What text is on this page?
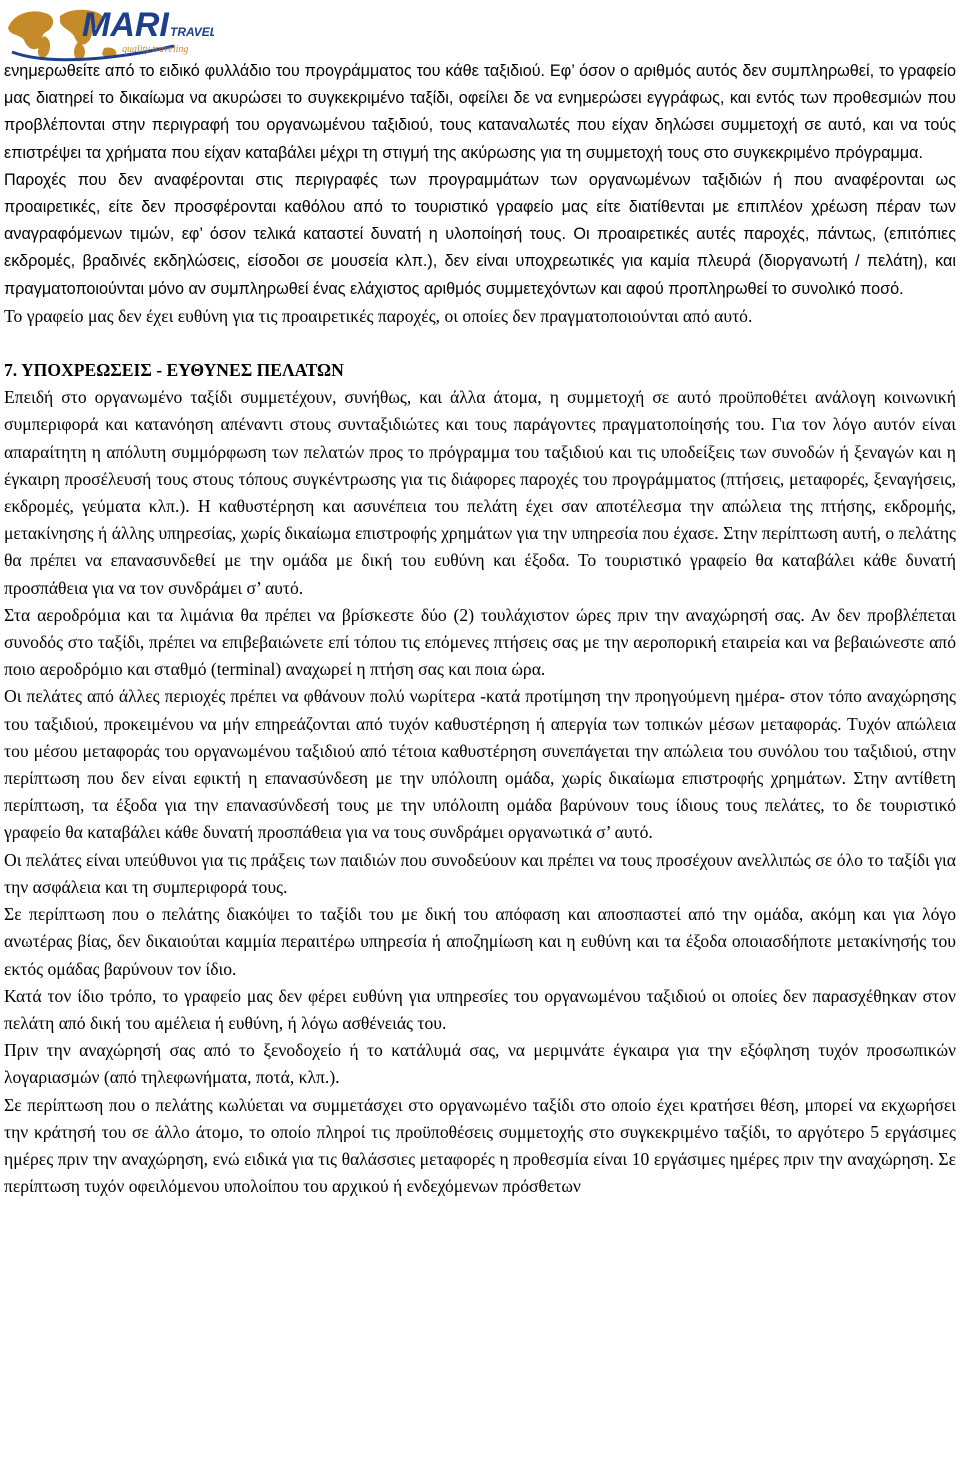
MARI TRAVEL
quality traveling

ενημερωθείτε από το ειδικό φυλλάδιο του προγράμματος του κάθε ταξιδιού. Εφ’ όσον ο αριθμός αυτός δεν συμπληρωθεί, το γραφείο μας διατηρεί το δικαίωμα να ακυρώσει το συγκεκριμένο ταξίδι, οφείλει δε να ενημερώσει εγγράφως, και εντός των προθεσμιών που προβλέπονται στην περιγραφή του οργανωμένου ταξιδιού, τους καταναλωτές που είχαν δηλώσει συμμετοχή σε αυτό, και να τούς επιστρέψει τα χρήματα που είχαν καταβάλει μέχρι τη στιγμή της ακύρωσης για τη συμμετοχή τους στο συγκεκριμένο πρόγραμμα.

Παροχές που δεν αναφέρονται στις περιγραφές των προγραμμάτων των οργανωμένων ταξιδιών ή που αναφέρονται ως προαιρετικές, είτε δεν προσφέρονται καθόλου από το τουριστικό γραφείο μας είτε διατίθενται με επιπλέον χρέωση πέραν των αναγραφόμενων τιμών, εφ’ όσον τελικά καταστεί δυνατή η υλοποίησή τους. Οι προαιρετικές αυτές παροχές, πάντως, (επιτόπιες εκδρομές, βραδινές εκδηλώσεις, είσοδοι σε μουσεία κλπ.), δεν είναι υποχρεωτικές για καμία πλευρά (διοργανωτή / πελάτη), και πραγματοποιούνται μόνο αν συμπληρωθεί ένας ελάχιστος αριθμός συμμετεχόντων και αφού προπληρωθεί το συνολικό ποσό.

Το γραφείο μας δεν έχει ευθύνη για τις προαιρετικές παροχές, οι οποίες δεν πραγματοποιούνται από αυτό.

7. ΥΠΟΧΡΕΩΣΕΙΣ - ΕΥΘΥΝΕΣ ΠΕΛΑΤΩΝ

Επειδή στο οργανωμένο ταξίδι συμμετέχουν, συνήθως, και άλλα άτομα, η συμμετοχή σε αυτό προϋποθέτει ανάλογη κοινωνική συμπεριφορά και κατανόηση απέναντι στους συνταξιδιώτες και τους παράγοντες πραγματοποίησής του. Για τον λόγο αυτόν είναι απαραίτητη η απόλυτη συμμόρφωση των πελατών προς το πρόγραμμα του ταξιδιού και τις υποδείξεις των συνοδών ή ξεναγών και η έγκαιρη προσέλευσή τους στους τόπους συγκέντρωσης για τις διάφορες παροχές του προγράμματος (πτήσεις, μεταφορές, ξεναγήσεις, εκδρομές, γεύματα κλπ.). Η καθυστέρηση και ασυνέπεια του πελάτη έχει σαν αποτέλεσμα την απώλεια της πτήσης, εκδρομής, μετακίνησης ή άλλης υπηρεσίας, χωρίς δικαίωμα επιστροφής χρημάτων για την υπηρεσία που έχασε. Στην περίπτωση αυτή, ο πελάτης θα πρέπει να επανασυνδεθεί με την ομάδα με δική του ευθύνη και έξοδα. Το τουριστικό γραφείο θα καταβάλει κάθε δυνατή προσπάθεια για να τον συνδράμει σ’ αυτό.

Στα αεροδρόμια και τα λιμάνια θα πρέπει να βρίσκεστε δύο (2) τουλάχιστον ώρες πριν την αναχώρησή σας. Αν δεν προβλέπεται συνοδός στο ταξίδι, πρέπει να επιβεβαιώνετε επί τόπου τις επόμενες πτήσεις σας με την αεροπορική εταιρεία και να βεβαιώνεστε από ποιο αεροδρόμιο και σταθμό (terminal) αναχωρεί η πτήση σας και ποια ώρα.

Οι πελάτες από άλλες περιοχές πρέπει να φθάνουν πολύ νωρίτερα -κατά προτίμηση την προηγούμενη ημέρα- στον τόπο αναχώρησης του ταξιδιού, προκειμένου να μήν επηρεάζονται από τυχόν καθυστέρηση ή απεργία των τοπικών μέσων μεταφοράς. Τυχόν απώλεια του μέσου μεταφοράς του οργανωμένου ταξιδιού από τέτοια καθυστέρηση συνεπάγεται την απώλεια του συνόλου του ταξιδιού, στην περίπτωση που δεν είναι εφικτή η επανασύνδεση με την υπόλοιπη ομάδα, χωρίς δικαίωμα επιστροφής χρημάτων. Στην αντίθετη περίπτωση, τα έξοδα για την επανασύνδεσή τους με την υπόλοιπη ομάδα βαρύνουν τους ίδιους τους πελάτες, το δε τουριστικό γραφείο θα καταβάλει κάθε δυνατή προσπάθεια για να τους συνδράμει οργανωτικά σ’ αυτό.

Οι πελάτες είναι υπεύθυνοι για τις πράξεις των παιδιών που συνοδεύουν και πρέπει να τους προσέχουν ανελλιπώς σε όλο το ταξίδι για την ασφάλεια και τη συμπεριφορά τους.

Σε περίπτωση που ο πελάτης διακόψει το ταξίδι του με δική του απόφαση και αποσπαστεί από την ομάδα, ακόμη και για λόγο ανωτέρας βίας, δεν δικαιούται καμμία περαιτέρω υπηρεσία ή αποζημίωση και η ευθύνη και τα έξοδα οποιασδήποτε μετακίνησής του εκτός ομάδας βαρύνουν τον ίδιο.

Κατά τον ίδιο τρόπο, το γραφείο μας δεν φέρει ευθύνη για υπηρεσίες του οργανωμένου ταξιδιού οι οποίες δεν παρασχέθηκαν στον πελάτη από δική του αμέλεια ή ευθύνη, ή λόγω ασθένειάς του.

Πριν την αναχώρησή σας από το ξενοδοχείο ή το κατάλυμά σας, να μεριμνάτε έγκαιρα για την εξόφληση τυχόν προσωπικών λογαριασμών (από τηλεφωνήματα, ποτά, κλπ.).

Σε περίπτωση που ο πελάτης κωλύεται να συμμετάσχει στο οργανωμένο ταξίδι στο οποίο έχει κρατήσει θέση, μπορεί να εκχωρήσει την κράτησή του σε άλλο άτομο, το οποίο πληροί τις προϋποθέσεις συμμετοχής στο συγκεκριμένο ταξίδι, το αργότερο 5 εργάσιμες ημέρες πριν την αναχώρηση, ενώ ειδικά για τις θαλάσσιες μεταφορές η προθεσμία είναι 10 εργάσιμες ημέρες πριν την αναχώρηση. Σε περίπτωση τυχόν οφειλόμενου υπολοίπου του αρχικού ή ενδεχόμενων πρόσθετων
